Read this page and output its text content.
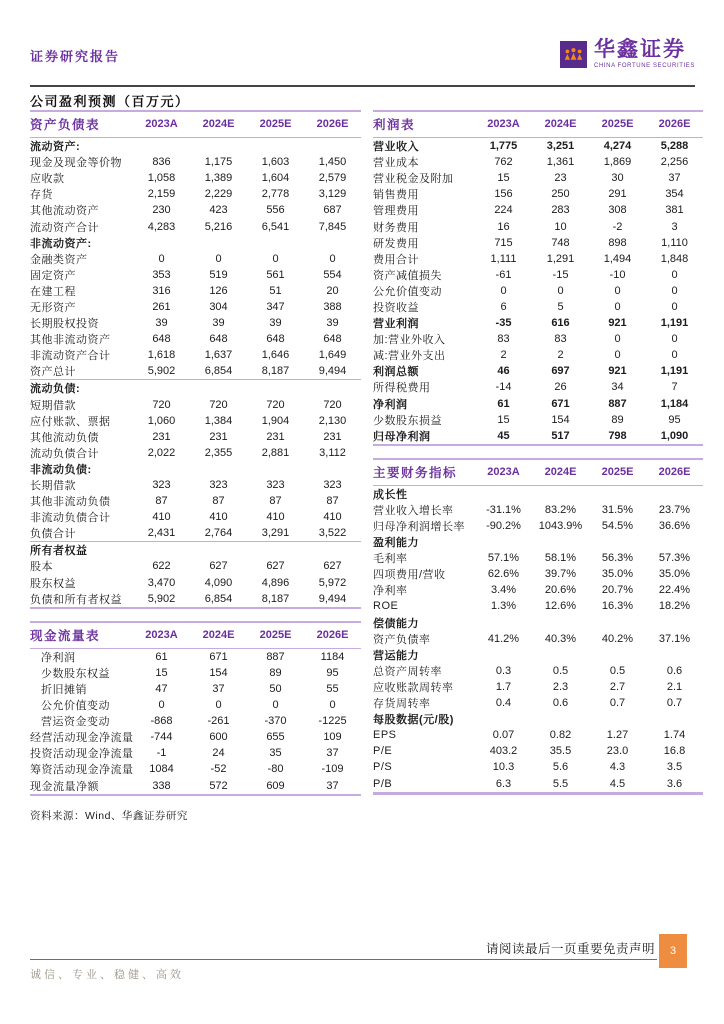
证券研究报告	华鑫证券
CHINA FORTUNE SECURITIES
公司盈利预测（百万元）
资产负债表	2023A	2024E	2025E	2026E
流动资产:
现金及现金等价物	836	1,175	1,603	1,450
应收款	1,058	1,389	1,604	2,579
存货	2,159	2,229	2,778	3,129
其他流动资产	230	423	556	687
流动资产合计	4,283	5,216	6,541	7,845
非流动资产:
金融类资产	0	0	0	0
固定资产	353	519	561	554
在建工程	316	126	51	20
无形资产	261	304	347	388
长期股权投资	39	39	39	39
其他非流动资产	648	648	648	648
非流动资产合计	1,618	1,637	1,646	1,649
资产总计	5,902	6,854	8,187	9,494
流动负债:
短期借款	720	720	720	720
应付账款、票据	1,060	1,384	1,904	2,130
其他流动负债	231	231	231	231
流动负债合计	2,022	2,355	2,881	3,112
非流动负债:
长期借款	323	323	323	323
其他非流动负债	87	87	87	87
非流动负债合计	410	410	410	410
负债合计	2,431	2,764	3,291	3,522
所有者权益
股本	622	627	627	627
股东权益	3,470	4,090	4,896	5,972
负债和所有者权益	5,902	6,854	8,187	9,494
现金流量表	2023A	2024E	2025E	2026E
净利润	61	671	887	1184
少数股东权益	15	154	89	95
折旧摊销	47	37	50	55
公允价值变动	0	0	0	0
营运资金变动	-868	-261	-370	-1225
经营活动现金净流量	-744	600	655	109
投资活动现金净流量	-1	24	35	37
筹资活动现金净流量	1084	-52	-80	-109
现金流量净额	338	572	609	37
资料来源：Wind、华鑫证券研究
利润表	2023A	2024E	2025E	2026E
营业收入	1,775	3,251	4,274	5,288
营业成本	762	1,361	1,869	2,256
营业税金及附加	15	23	30	37
销售费用	156	250	291	354
管理费用	224	283	308	381
财务费用	16	10	-2	3
研发费用	715	748	898	1,110
费用合计	1,111	1,291	1,494	1,848
资产减值损失	-61	-15	-10	0
公允价值变动	0	0	0	0
投资收益	6	5	0	0
营业利润	-35	616	921	1,191
加:营业外收入	83	83	0	0
减:营业外支出	2	2	0	0
利润总额	46	697	921	1,191
所得税费用	-14	26	34	7
净利润	61	671	887	1,184
少数股东损益	15	154	89	95
归母净利润	45	517	798	1,090
主要财务指标	2023A	2024E	2025E	2026E
成长性
营业收入增长率	-31.1%	83.2%	31.5%	23.7%
归母净利润增长率	-90.2%	1043.9%	54.5%	36.6%
盈利能力
毛利率	57.1%	58.1%	56.3%	57.3%
四项费用/营收	62.6%	39.7%	35.0%	35.0%
净利率	3.4%	20.6%	20.7%	22.4%
ROE	1.3%	12.6%	16.3%	18.2%
偿债能力
资产负债率	41.2%	40.3%	40.2%	37.1%
营运能力
总资产周转率	0.3	0.5	0.5	0.6
应收账款周转率	1.7	2.3	2.7	2.1
存货周转率	0.4	0.6	0.7	0.7
每股数据(元/股)
EPS	0.07	0.82	1.27	1.74
P/E	403.2	35.5	23.0	16.8
P/S	10.3	5.6	4.3	3.5
P/B	6.3	5.5	4.5	3.6
请阅读最后一页重要免责声明	3
诚信、专业、稳健、高效
